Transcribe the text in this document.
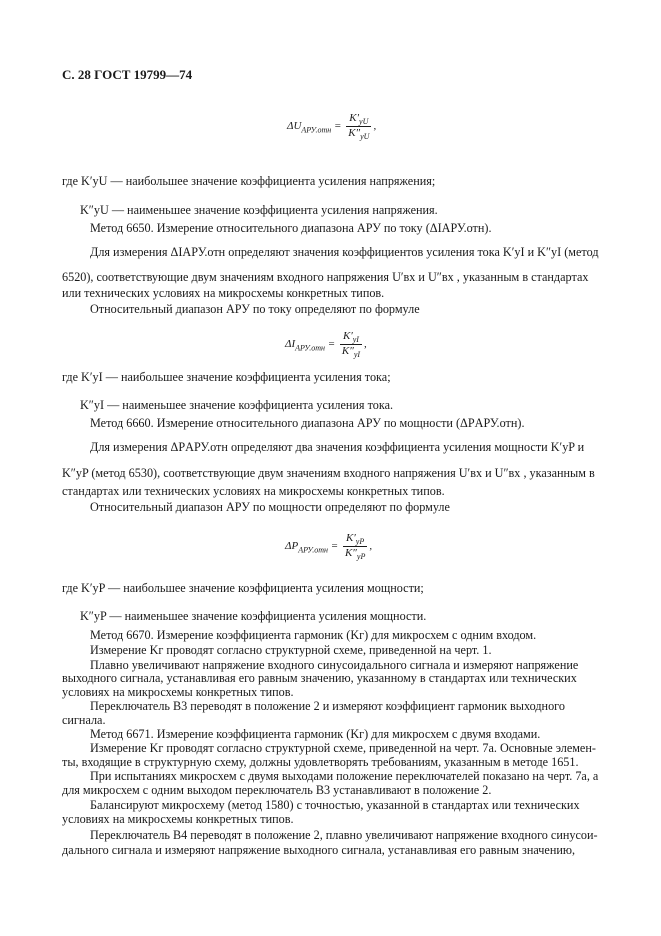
С. 28 ГОСТ 19799—74
$\Delta U_{АРУ.отн} = \frac{K'_{yU}}{K''_{yU}}$ ,
где K′yU — наибольшее значение коэффициента усиления напряжения;
K″yU — наименьшее значение коэффициента усиления напряжения.
Метод 6650. Измерение относительного диапазона АРУ по току (ΔIАРУ.отн).
Для измерения ΔIАРУ.отн определяют значения коэффициентов усиления тока K′yI и K″yI (метод
6520), соответствующие двум значениям входного напряжения U′вх и U″вх , указанным в стандартах
или технических условиях на микросхемы конкретных типов.
Относительный диапазон АРУ по току определяют по формуле
$\Delta I_{АРУ.отн} = \frac{K'_{yI}}{K''_{yI}}$ ,
где K′yI — наибольшее значение коэффициента усиления тока;
K″yI — наименьшее значение коэффициента усиления тока.
Метод 6660. Измерение относительного диапазона АРУ по мощности (ΔPАРУ.отн).
Для измерения ΔPАРУ.отн определяют два значения коэффициента усиления мощности K′yP и
K″yP (метод 6530), соответствующие двум значениям входного напряжения U′вх и U″вх , указанным в
стандартах или технических условиях на микросхемы конкретных типов.
Относительный диапазон АРУ по мощности определяют по формуле
$\Delta P_{АРУ.отн} = \frac{K'_{yP}}{K''_{yP}}$ ,
где K′yP — наибольшее значение коэффициента усиления мощности;
K″yP — наименьшее значение коэффициента усиления мощности.
Метод 6670. Измерение коэффициента гармоник (Kг) для микросхем с одним входом.
Измерение Kг проводят согласно структурной схеме, приведенной на черт. 1.
Плавно увеличивают напряжение входного синусоидального сигнала и измеряют напряжение
выходного сигнала, устанавливая его равным значению, указанному в стандартах или технических
условиях на микросхемы конкретных типов.
Переключатель В3 переводят в положение 2 и измеряют коэффициент гармоник выходного
сигнала.
Метод 6671. Измерение коэффициента гармоник (Kг) для микросхем с двумя входами.
Измерение Kг проводят согласно структурной схеме, приведенной на черт. 7а. Основные элемен-
ты, входящие в структурную схему, должны удовлетворять требованиям, указанным в методе 1651.
При испытаниях микросхем с двумя выходами положение переключателей показано на черт. 7а, а
для микросхем с одним выходом переключатель В3 устанавливают в положение 2.
Балансируют микросхему (метод 1580) с точностью, указанной в стандартах или технических
условиях на микросхемы конкретных типов.
Переключатель В4 переводят в положение 2, плавно увеличивают напряжение входного синусои-
дального сигнала и измеряют напряжение выходного сигнала, устанавливая его равным значению,
